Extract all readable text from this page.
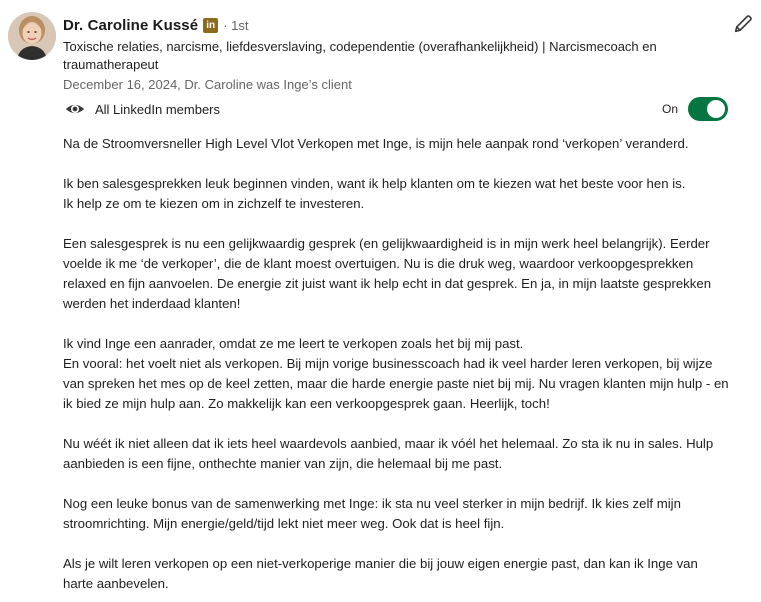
Dr. Caroline Kussé in · 1st
Toxische relaties, narcisme, liefdesverslaving, codependentie (overafhankelijkheid) | Narcismecoach en traumatherapeut
December 16, 2024, Dr. Caroline was Inge’s client
All LinkedIn members	On

Na de Stroomversneller High Level Vlot Verkopen met Inge, is mijn hele aanpak rond ‘verkopen’ veranderd.

Ik ben salesgesprekken leuk beginnen vinden, want ik help klanten om te kiezen wat het beste voor hen is.
Ik help ze om te kiezen om in zichzelf te investeren.

Een salesgesprek is nu een gelijkwaardig gesprek (en gelijkwaardigheid is in mijn werk heel belangrijk). Eerder voelde ik me ‘de verkoper’, die de klant moest overtuigen. Nu is die druk weg, waardoor verkoopgesprekken relaxed en fijn aanvoelen. De energie zit juist want ik help echt in dat gesprek. En ja, in mijn laatste gesprekken werden het inderdaad klanten!

Ik vind Inge een aanrader, omdat ze me leert te verkopen zoals het bij mij past.
En vooral: het voelt niet als verkopen. Bij mijn vorige businesscoach had ik veel harder leren verkopen, bij wijze van spreken het mes op de keel zetten, maar die harde energie paste niet bij mij. Nu vragen klanten mijn hulp - en ik bied ze mijn hulp aan. Zo makkelijk kan een verkoopgesprek gaan. Heerlijk, toch!

Nu wéét ik niet alleen dat ik iets heel waardevols aanbied, maar ik vóél het helemaal. Zo sta ik nu in sales. Hulp aanbieden is een fijne, onthechte manier van zijn, die helemaal bij me past.

Nog een leuke bonus van de samenwerking met Inge: ik sta nu veel sterker in mijn bedrijf. Ik kies zelf mijn stroomrichting. Mijn energie/geld/tijd lekt niet meer weg. Ook dat is heel fijn.

Als je wilt leren verkopen op een niet-verkoperige manier die bij jouw eigen energie past, dan kan ik Inge van harte aanbevelen.
